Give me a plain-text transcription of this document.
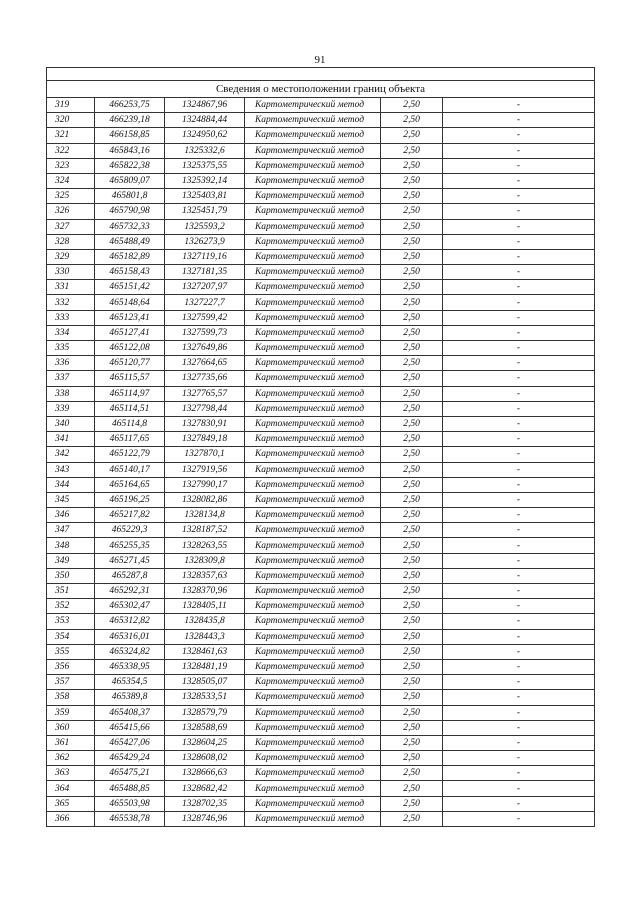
91

Сведения о местоположении границ объекта					
319	466253,75	1324867,96	Картометрический метод	2,50	-
320	466239,18	1324884,44	Картометрический метод	2,50	-
321	466158,85	1324950,62	Картометрический метод	2,50	-
322	465843,16	1325332,6	Картометрический метод	2,50	-
323	465822,38	1325375,55	Картометрический метод	2,50	-
324	465809,07	1325392,14	Картометрический метод	2,50	-
325	465801,8	1325403,81	Картометрический метод	2,50	-
326	465790,98	1325451,79	Картометрический метод	2,50	-
327	465732,33	1325593,2	Картометрический метод	2,50	-
328	465488,49	1326273,9	Картометрический метод	2,50	-
329	465182,89	1327119,16	Картометрический метод	2,50	-
330	465158,43	1327181,35	Картометрический метод	2,50	-
331	465151,42	1327207,97	Картометрический метод	2,50	-
332	465148,64	1327227,7	Картометрический метод	2,50	-
333	465123,41	1327599,42	Картометрический метод	2,50	-
334	465127,41	1327599,73	Картометрический метод	2,50	-
335	465122,08	1327649,86	Картометрический метод	2,50	-
336	465120,77	1327664,65	Картометрический метод	2,50	-
337	465115,57	1327735,66	Картометрический метод	2,50	-
338	465114,97	1327765,57	Картометрический метод	2,50	-
339	465114,51	1327798,44	Картометрический метод	2,50	-
340	465114,8	1327830,91	Картометрический метод	2,50	-
341	465117,65	1327849,18	Картометрический метод	2,50	-
342	465122,79	1327870,1	Картометрический метод	2,50	-
343	465140,17	1327919,56	Картометрический метод	2,50	-
344	465164,65	1327990,17	Картометрический метод	2,50	-
345	465196,25	1328082,86	Картометрический метод	2,50	-
346	465217,82	1328134,8	Картометрический метод	2,50	-
347	465229,3	1328187,52	Картометрический метод	2,50	-
348	465255,35	1328263,55	Картометрический метод	2,50	-
349	465271,45	1328309,8	Картометрический метод	2,50	-
350	465287,8	1328357,63	Картометрический метод	2,50	-
351	465292,31	1328370,96	Картометрический метод	2,50	-
352	465302,47	1328405,11	Картометрический метод	2,50	-
353	465312,82	1328435,8	Картометрический метод	2,50	-
354	465316,01	1328443,3	Картометрический метод	2,50	-
355	465324,82	1328461,63	Картометрический метод	2,50	-
356	465338,95	1328481,19	Картометрический метод	2,50	-
357	465354,5	1328505,07	Картометрический метод	2,50	-
358	465389,8	1328533,51	Картометрический метод	2,50	-
359	465408,37	1328579,79	Картометрический метод	2,50	-
360	465415,66	1328588,69	Картометрический метод	2,50	-
361	465427,06	1328604,25	Картометрический метод	2,50	-
362	465429,24	1328608,02	Картометрический метод	2,50	-
363	465475,21	1328666,63	Картометрический метод	2,50	-
364	465488,85	1328682,42	Картометрический метод	2,50	-
365	465503,98	1328702,35	Картометрический метод	2,50	-
366	465538,78	1328746,96	Картометрический метод	2,50	-
